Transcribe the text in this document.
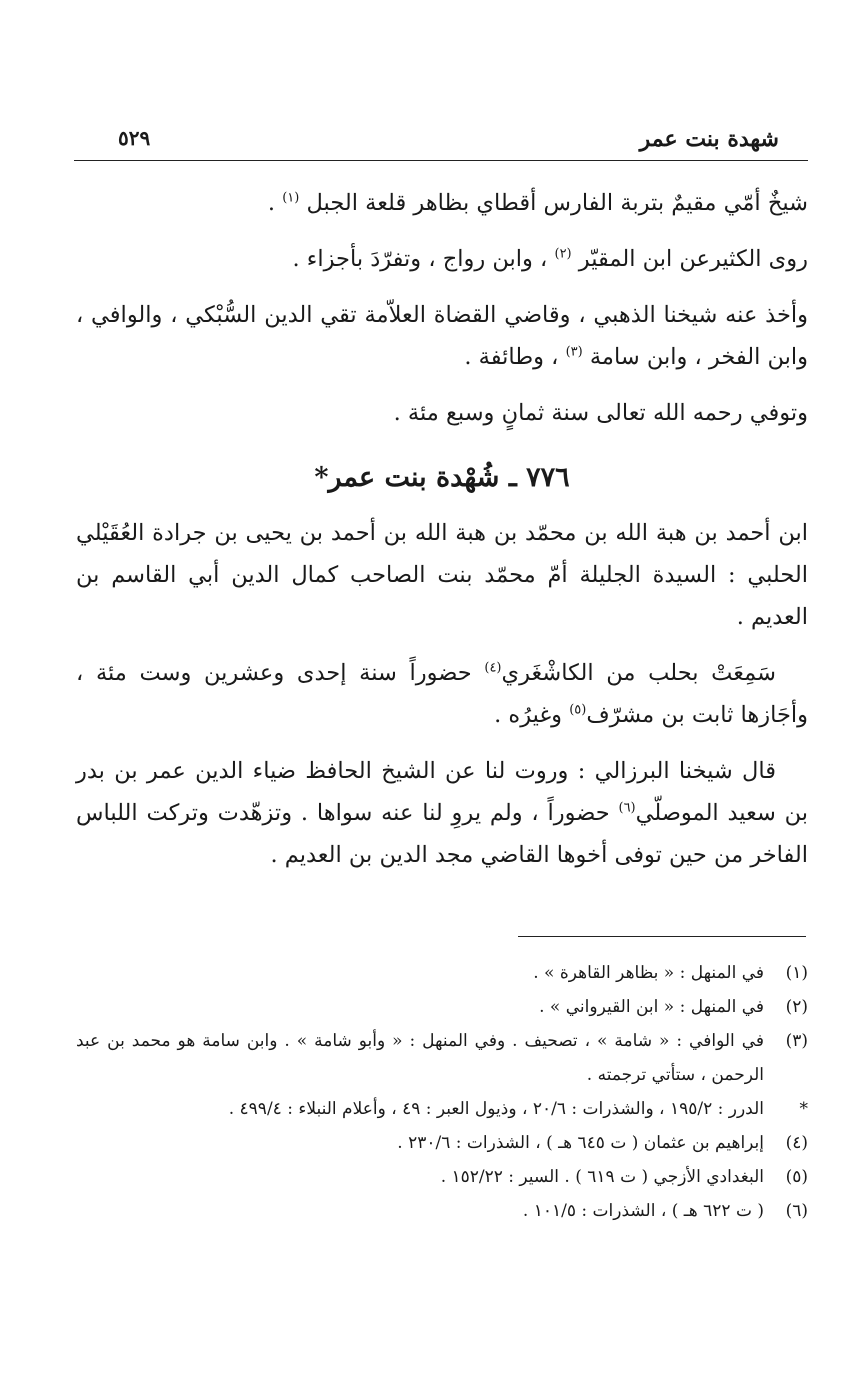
شهدة بنت عمر
٥٢٩

شيخٌ أمّي مقيمٌ بتربة الفارس أقطاي بظاهر قلعة الجبل $^{(١)}$ .

روى الكثيرعن ابن المقيّر $^{(٢)}$ ، وابن رواج ، وتفرّدَ بأجزاء .

وأخذ عنه شيخنا الذهبي ، وقاضي القضاة العلاّمة تقي الدين السُّبْكي ، والوافي ، وابن الفخر ، وابن سامة $^{(٣)}$ ، وطائفة .

وتوفي رحمه الله تعالى سنة ثمانٍ وسبع مئة .

٧٧٦ ـ شُهْدة بنت عمر*

ابن أحمد بن هبة الله بن محمّد بن هبة الله بن أحمد بن يحيى بن جرادة العُقَيْلي الحلبي : السيدة الجليلة أمّ محمّد بنت الصاحب كمال الدين أبي القاسم بن العديم .

سَمِعَتْ بحلب من الكاشْغَري$^{(٤)}$ حضوراً سنة إحدى وعشرين وست مئة ، وأجَازها ثابت بن مشرّف$^{(٥)}$ وغيرُه .

قال شيخنا البرزالي : وروت لنا عن الشيخ الحافظ ضياء الدين عمر بن بدر بن سعيد الموصلّي$^{(٦)}$ حضوراً ، ولم يروِ لنا عنه سواها . وتزهّدت وتركت اللباس الفاخر من حين توفى أخوها القاضي مجد الدين بن العديم .

(١)
في المنهل : « بظاهر القاهرة » .
(٢)
في المنهل : « ابن القيرواني » .
(٣)
في الوافي : « شامة » ، تصحيف . وفي المنهل : « وأبو شامة » . وابن سامة هو محمد بن عبد الرحمن ، ستأتي ترجمته .
*
الدرر : ١٩٥/٢ ، والشذرات : ٢٠/٦ ، وذيول العبر : ٤٩ ، وأعلام النبلاء : ٤٩٩/٤ .
(٤)
إبراهيم بن عثمان ( ت ٦٤٥ هـ ) ، الشذرات : ٢٣٠/٦ .
(٥)
البغدادي الأزجي ( ت ٦١٩ ) . السير : ١٥٢/٢٢ .
(٦)
( ت ٦٢٢ هـ ) ، الشذرات : ١٠١/٥ .
